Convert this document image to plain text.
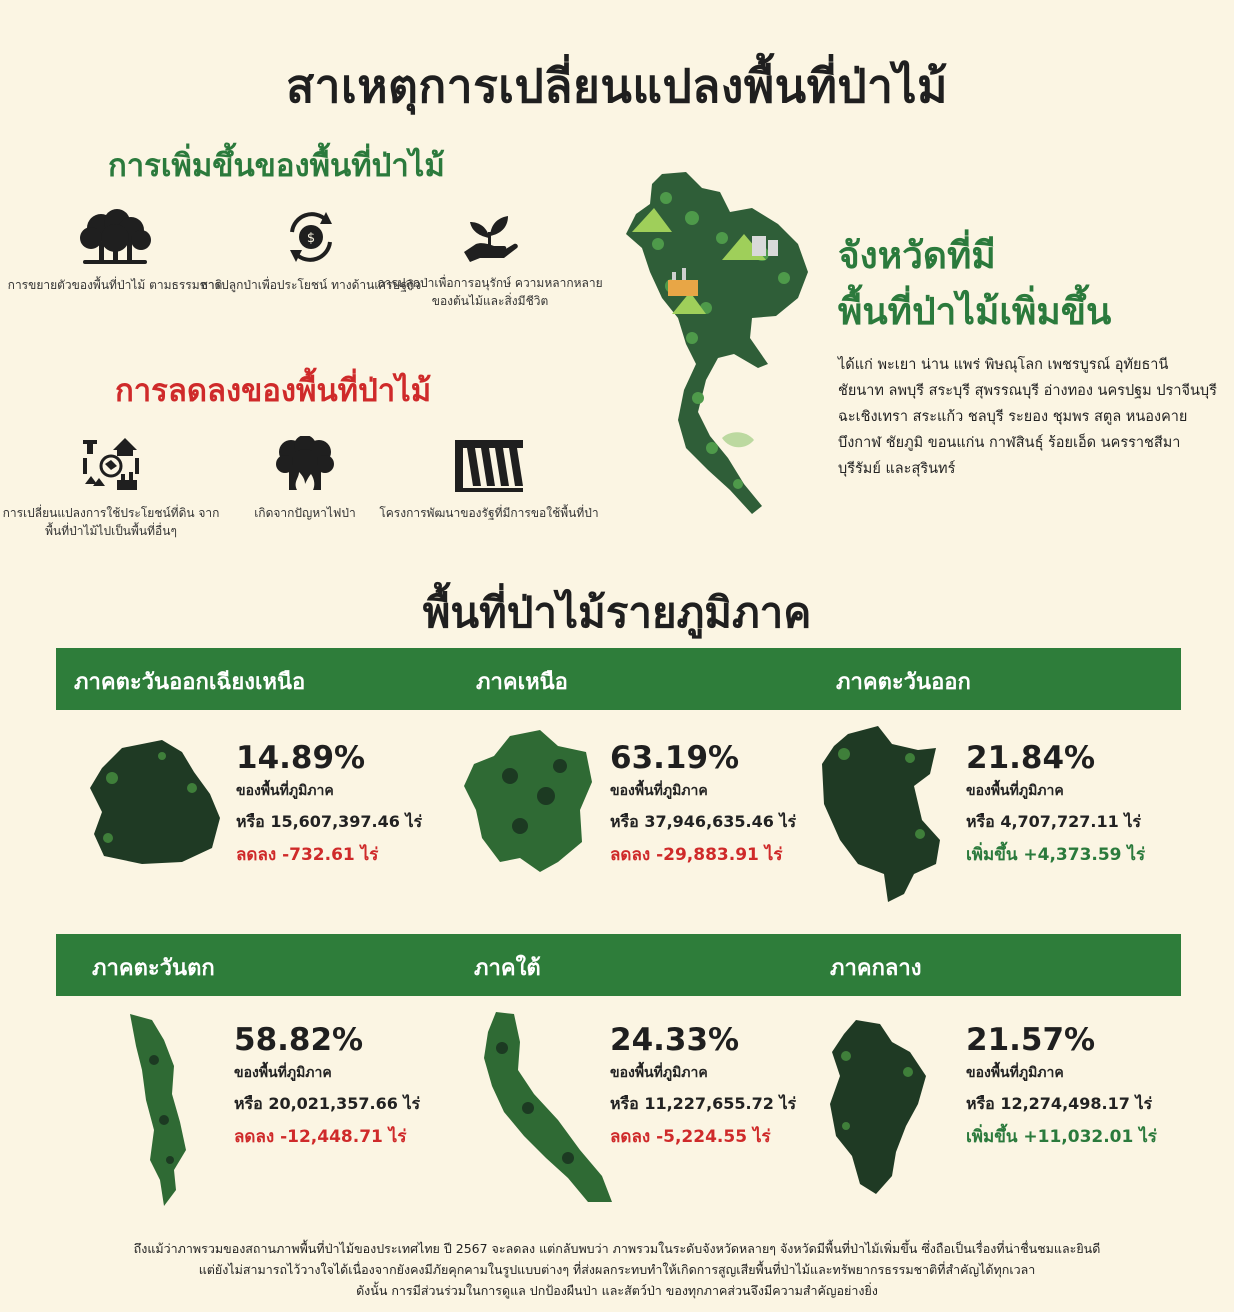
สาเหตุการเปลี่ยนแปลงพื้นที่ป่าไม้
การเพิ่มขึ้นของพื้นที่ป่าไม้
การขยายตัวของพื้นที่ป่าไม้ ตามธรรมชาติ
$
การปลูกป่าเพื่อประโยชน์ ทางด้านเศรษฐกิจ
การปลูกป่าเพื่อการอนุรักษ์ ความหลากหลายของต้นไม้และสิ่งมีชีวิต
การลดลงของพื้นที่ป่าไม้
การเปลี่ยนแปลงการใช้ประโยชน์ที่ดิน จากพื้นที่ป่าไม้ไปเป็นพื้นที่อื่นๆ
เกิดจากปัญหาไฟป่า	โครงการพัฒนาของรัฐที่มีการขอใช้พื้นที่ป่า
จังหวัดที่มี
พื้นที่ป่าไม้เพิ่มขึ้น
ได้แก่ พะเยา น่าน แพร่ พิษณุโลก เพชรบูรณ์ อุทัยธานี ชัยนาท ลพบุรี สระบุรี สุพรรณบุรี อ่างทอง นครปฐม ปราจีนบุรี ฉะเชิงเทรา สระแก้ว ชลบุรี ระยอง ชุมพร สตูล หนองคาย บึงกาฬ ชัยภูมิ ขอนแก่น กาฬสินธุ์ ร้อยเอ็ด นครราชสีมา บุรีรัมย์ และสุรินทร์
พื้นที่ป่าไม้รายภูมิภาค
ภาคตะวันออกเฉียงเหนือ	ภาคเหนือ	ภาคตะวันออก
ภาคตะวันตก	ภาคใต้	ภาคกลาง
14.89%
ของพื้นที่ภูมิภาค
หรือ 15,607,397.46 ไร่
ลดลง -732.61 ไร่
63.19%
ของพื้นที่ภูมิภาค
หรือ 37,946,635.46 ไร่
ลดลง -29,883.91 ไร่
21.84%
ของพื้นที่ภูมิภาค
หรือ 4,707,727.11 ไร่
เพิ่มขึ้น +4,373.59 ไร่
58.82%
ของพื้นที่ภูมิภาค
หรือ 20,021,357.66 ไร่
ลดลง -12,448.71 ไร่
24.33%
ของพื้นที่ภูมิภาค
หรือ 11,227,655.72 ไร่
ลดลง -5,224.55 ไร่
21.57%
ของพื้นที่ภูมิภาค
หรือ 12,274,498.17 ไร่
เพิ่มขึ้น +11,032.01 ไร่
ถึงแม้ว่าภาพรวมของสถานภาพพื้นที่ป่าไม้ของประเทศไทย ปี 2567 จะลดลง แต่กลับพบว่า ภาพรวมในระดับจังหวัดหลายๆ จังหวัดมีพื้นที่ป่าไม้เพิ่มขึ้น ซึ่งถือเป็นเรื่องที่น่าชื่นชมและยินดี
แต่ยังไม่สามารถไว้วางใจได้เนื่องจากยังคงมีภัยคุกคามในรูปแบบต่างๆ ที่ส่งผลกระทบทำให้เกิดการสูญเสียพื้นที่ป่าไม้และทรัพยากรธรรมชาติที่สำคัญได้ทุกเวลา
ดังนั้น การมีส่วนร่วมในการดูแล ปกป้องผืนป่า และสัตว์ป่า ของทุกภาคส่วนจึงมีความสำคัญอย่างยิ่ง
